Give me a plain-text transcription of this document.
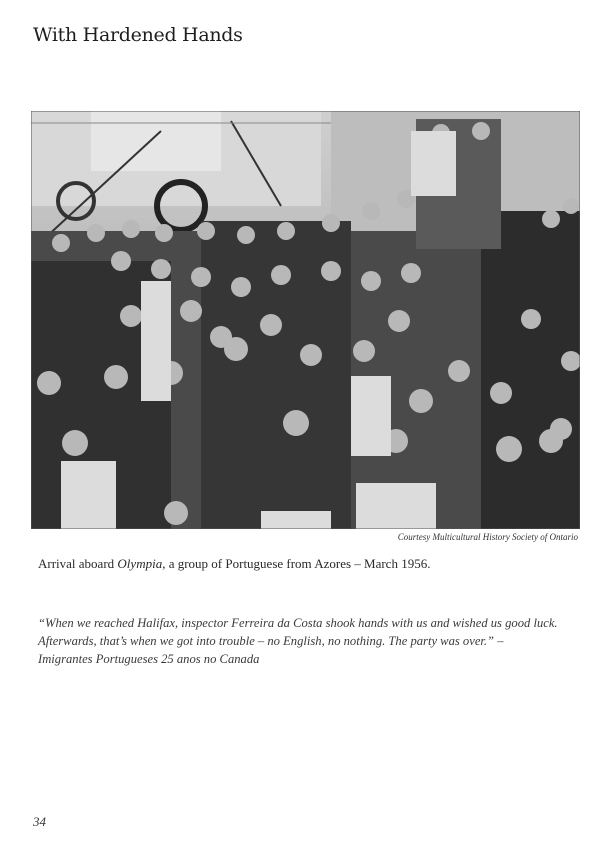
With Hardened Hands
Courtesy Multicultural History Society of Ontario
Arrival aboard Olympia, a group of Portuguese from Azores – March 1956.
“When we reached Halifax, inspector Ferreira da Costa shook hands with us and wished us good luck. Afterwards, that’s when we got into trouble – no English, no nothing. The party was over.” – Imigrantes Portugueses 25 anos no Canada
34
